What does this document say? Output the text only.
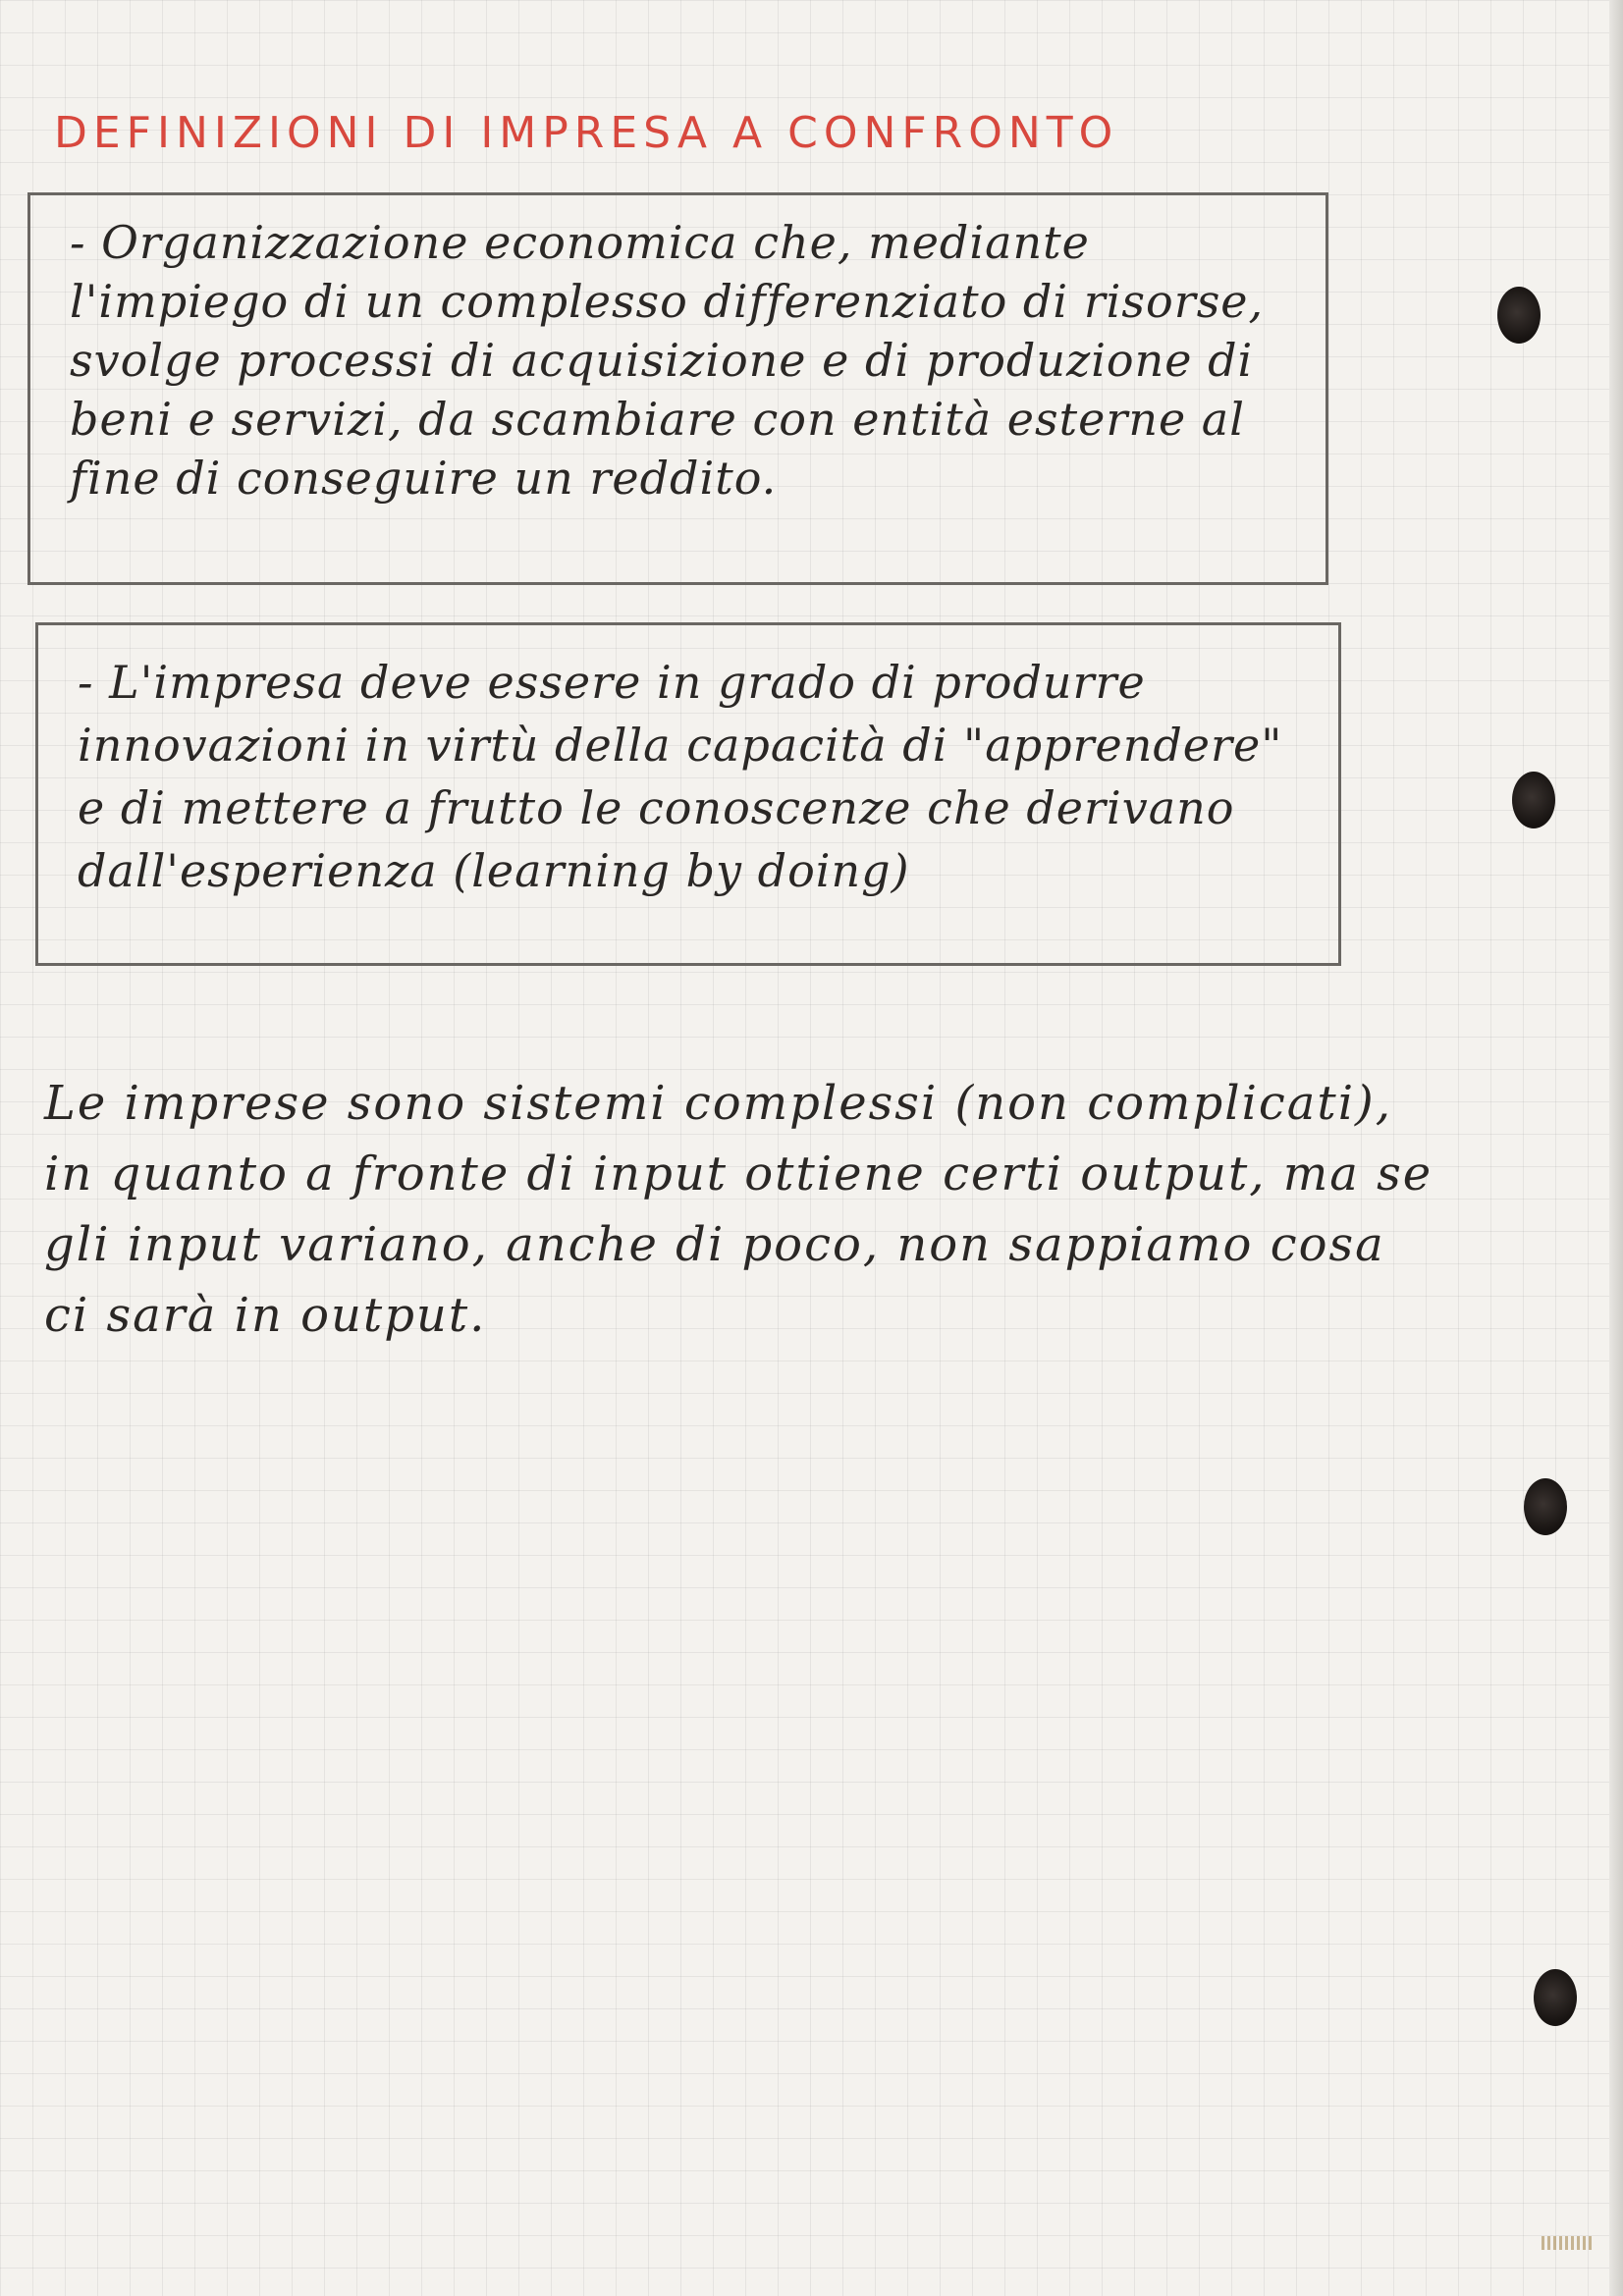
DEFINIZIONI DI IMPRESA A CONFRONTO

- Organizzazione economica che, mediante l'impiego di un complesso differenziato di risorse, svolge processi di acquisizione e di produzione di beni e servizi, da scambiare con entità esterne al fine di conseguire un reddito.

- L'impresa deve essere in grado di produrre innovazioni in virtù della capacità di "apprendere" e di mettere a frutto le conoscenze che derivano dall'esperienza (learning by doing)

Le imprese sono sistemi complessi (non complicati), in quanto a fronte di input ottiene certi output, ma se gli input variano, anche di poco, non sappiamo cosa ci sarà in output.
